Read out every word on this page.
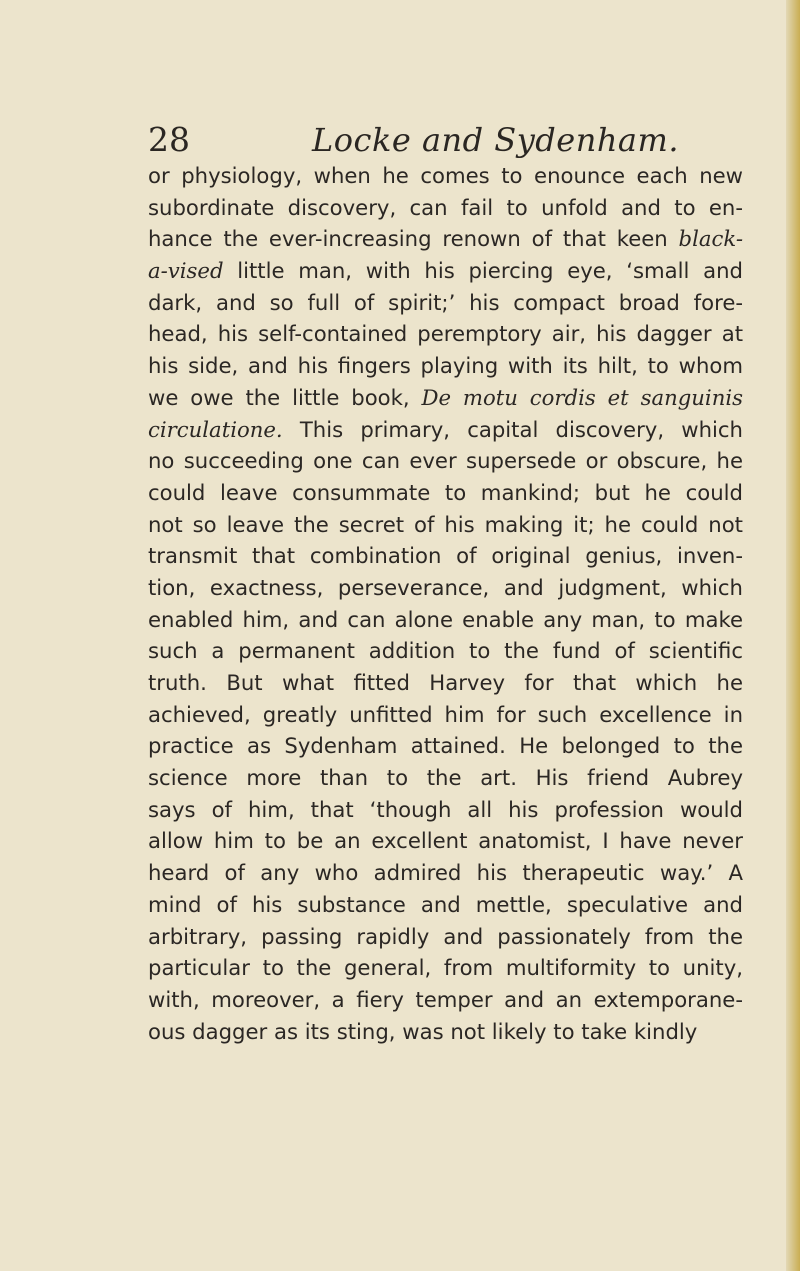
28	Locke and Sydenham.
or physiology, when he comes to enounce each new
subordinate discovery, can fail to unfold and to en-
hance the ever-increasing renown of that keen black-
a-vised little man, with his piercing eye, ‘small and
dark, and so full of spirit;’ his compact broad fore-
head, his self-contained peremptory air, his dagger at
his side, and his fingers playing with its hilt, to whom
we owe the little book, De motu cordis et sanguinis
circulatione. This primary, capital discovery, which
no succeeding one can ever supersede or obscure, he
could leave consummate to mankind; but he could
not so leave the secret of his making it; he could not
transmit that combination of original genius, inven-
tion, exactness, perseverance, and judgment, which
enabled him, and can alone enable any man, to make
such a permanent addition to the fund of scientific
truth. But what fitted Harvey for that which he
achieved, greatly unfitted him for such excellence in
practice as Sydenham attained. He belonged to the
science more than to the art. His friend Aubrey
says of him, that ‘though all his profession would
allow him to be an excellent anatomist, I have never
heard of any who admired his therapeutic way.’ A
mind of his substance and mettle, speculative and
arbitrary, passing rapidly and passionately from the
particular to the general, from multiformity to unity,
with, moreover, a fiery temper and an extemporane-
ous dagger as its sting, was not likely to take kindly
